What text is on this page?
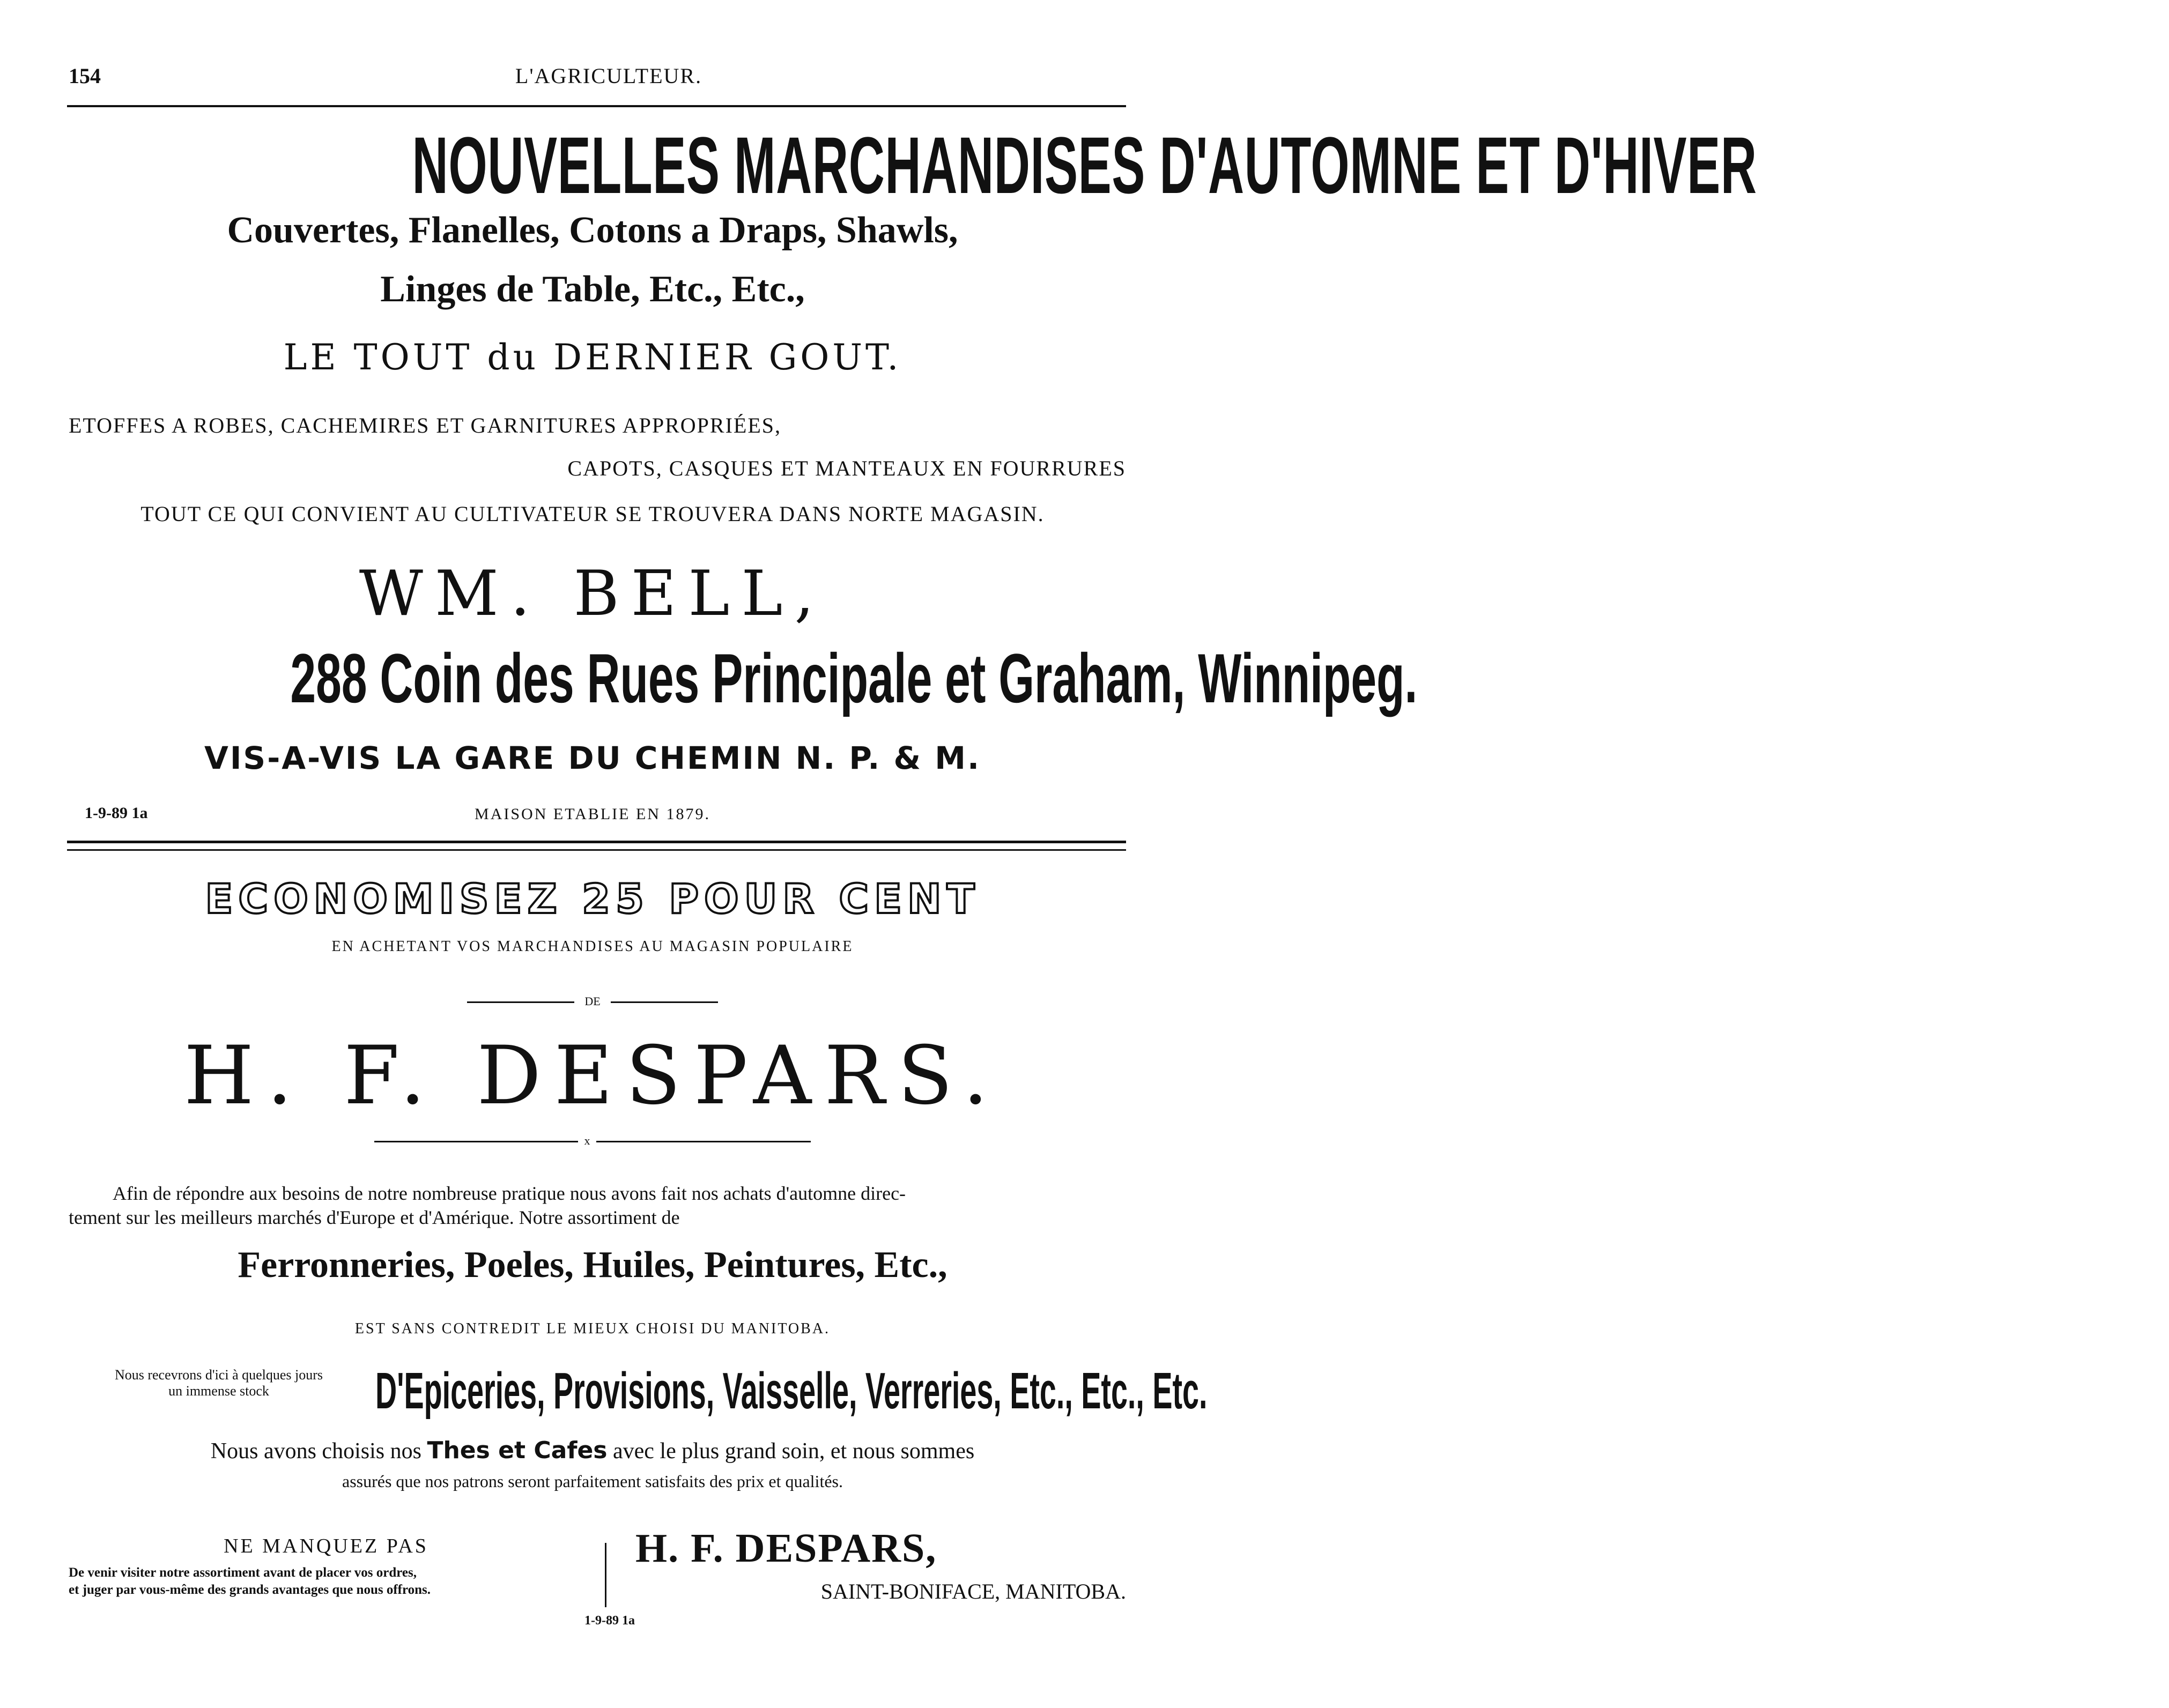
154	L'AGRICULTEUR.
NOUVELLES MARCHANDISES D'AUTOMNE ET D'HIVER
Couvertes, Flanelles, Cotons a Draps, Shawls,
Linges de Table, Etc., Etc.,
LE TOUT du DERNIER GOUT.
ETOFFES A ROBES, CACHEMIRES ET GARNITURES APPROPRIÉES,
CAPOTS, CASQUES ET MANTEAUX EN FOURRURES
TOUT CE QUI CONVIENT AU CULTIVATEUR SE TROUVERA DANS NORTE MAGASIN.
WM. BELL,
288 Coin des Rues Principale et Graham, Winnipeg.
VIS-A-VIS LA GARE DU CHEMIN N. P. & M.
1-9-89 1a	MAISON ETABLIE EN 1879.
ECONOMISEZ 25 POUR CENT
EN ACHETANT VOS MARCHANDISES AU MAGASIN POPULAIRE
DE
H. F. DESPARS.
x
Afin de répondre aux besoins de notre nombreuse pratique nous avons fait nos achats d'automne direc-
tement sur les meilleurs marchés d'Europe et d'Amérique. Notre assortiment de
Ferronneries, Poeles, Huiles, Peintures, Etc.,
EST SANS CONTREDIT LE MIEUX CHOISI DU MANITOBA.
Nous recevrons d'ici à quelques jours
un immense stock	D'Epiceries, Provisions, Vaisselle, Verreries, Etc., Etc., Etc.
Nous avons choisis nos Thes et Cafes avec le plus grand soin, et nous sommes
assurés que nos patrons seront parfaitement satisfaits des prix et qualités.
NE MANQUEZ PAS
De venir visiter notre assortiment avant de placer vos ordres,
et juger par vous-même des grands avantages que nous offrons.
H. F. DESPARS,
SAINT-BONIFACE, MANITOBA.
1-9-89 1a
